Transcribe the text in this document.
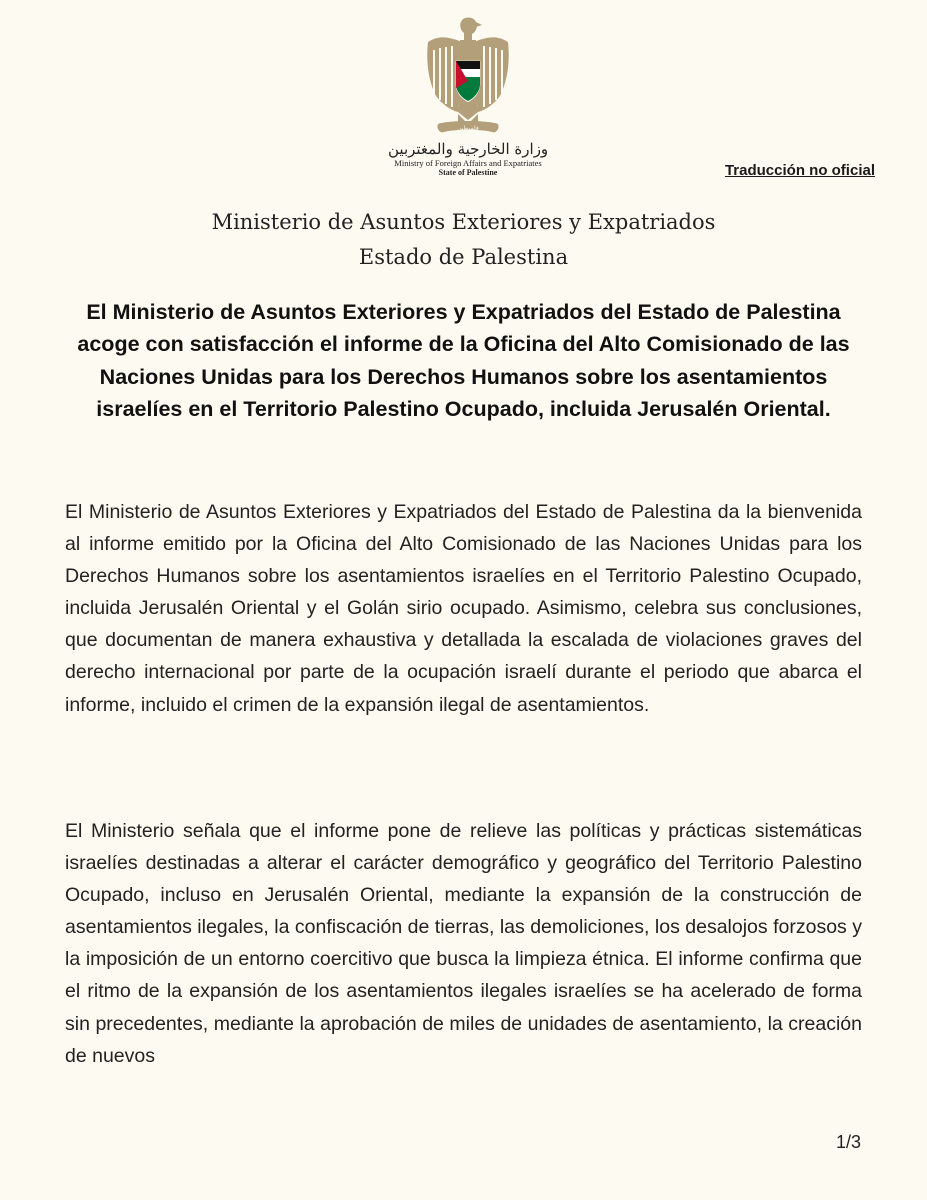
فلسطين
وزارة الخارجية والمغتربين
Ministry of Foreign Affairs and Expatriates
State of Palestine	Traducción no oficial
Ministerio de Asuntos Exteriores y Expatriados
Estado de Palestina
El Ministerio de Asuntos Exteriores y Expatriados del Estado de Palestina acoge con satisfacción el informe de la Oficina del Alto Comisionado de las Naciones Unidas para los Derechos Humanos sobre los asentamientos israelíes en el Territorio Palestino Ocupado, incluida Jerusalén Oriental.

El Ministerio de Asuntos Exteriores y Expatriados del Estado de Palestina da la bienvenida al informe emitido por la Oficina del Alto Comisionado de las Naciones Unidas para los Derechos Humanos sobre los asentamientos israelíes en el Territorio Palestino Ocupado, incluida Jerusalén Oriental y el Golán sirio ocupado. Asimismo, celebra sus conclusiones, que documentan de manera exhaustiva y detallada la escalada de violaciones graves del derecho internacional por parte de la ocupación israelí durante el periodo que abarca el informe, incluido el crimen de la expansión ilegal de asentamientos.

El Ministerio señala que el informe pone de relieve las políticas y prácticas sistemáticas israelíes destinadas a alterar el carácter demográfico y geográfico del Territorio Palestino Ocupado, incluso en Jerusalén Oriental, mediante la expansión de la construcción de asentamientos ilegales, la confiscación de tierras, las demoliciones, los desalojos forzosos y la imposición de un entorno coercitivo que busca la limpieza étnica. El informe confirma que el ritmo de la expansión de los asentamientos ilegales israelíes se ha acelerado de forma sin precedentes, mediante la aprobación de miles de unidades de asentamiento, la creación de nuevos

1/3
